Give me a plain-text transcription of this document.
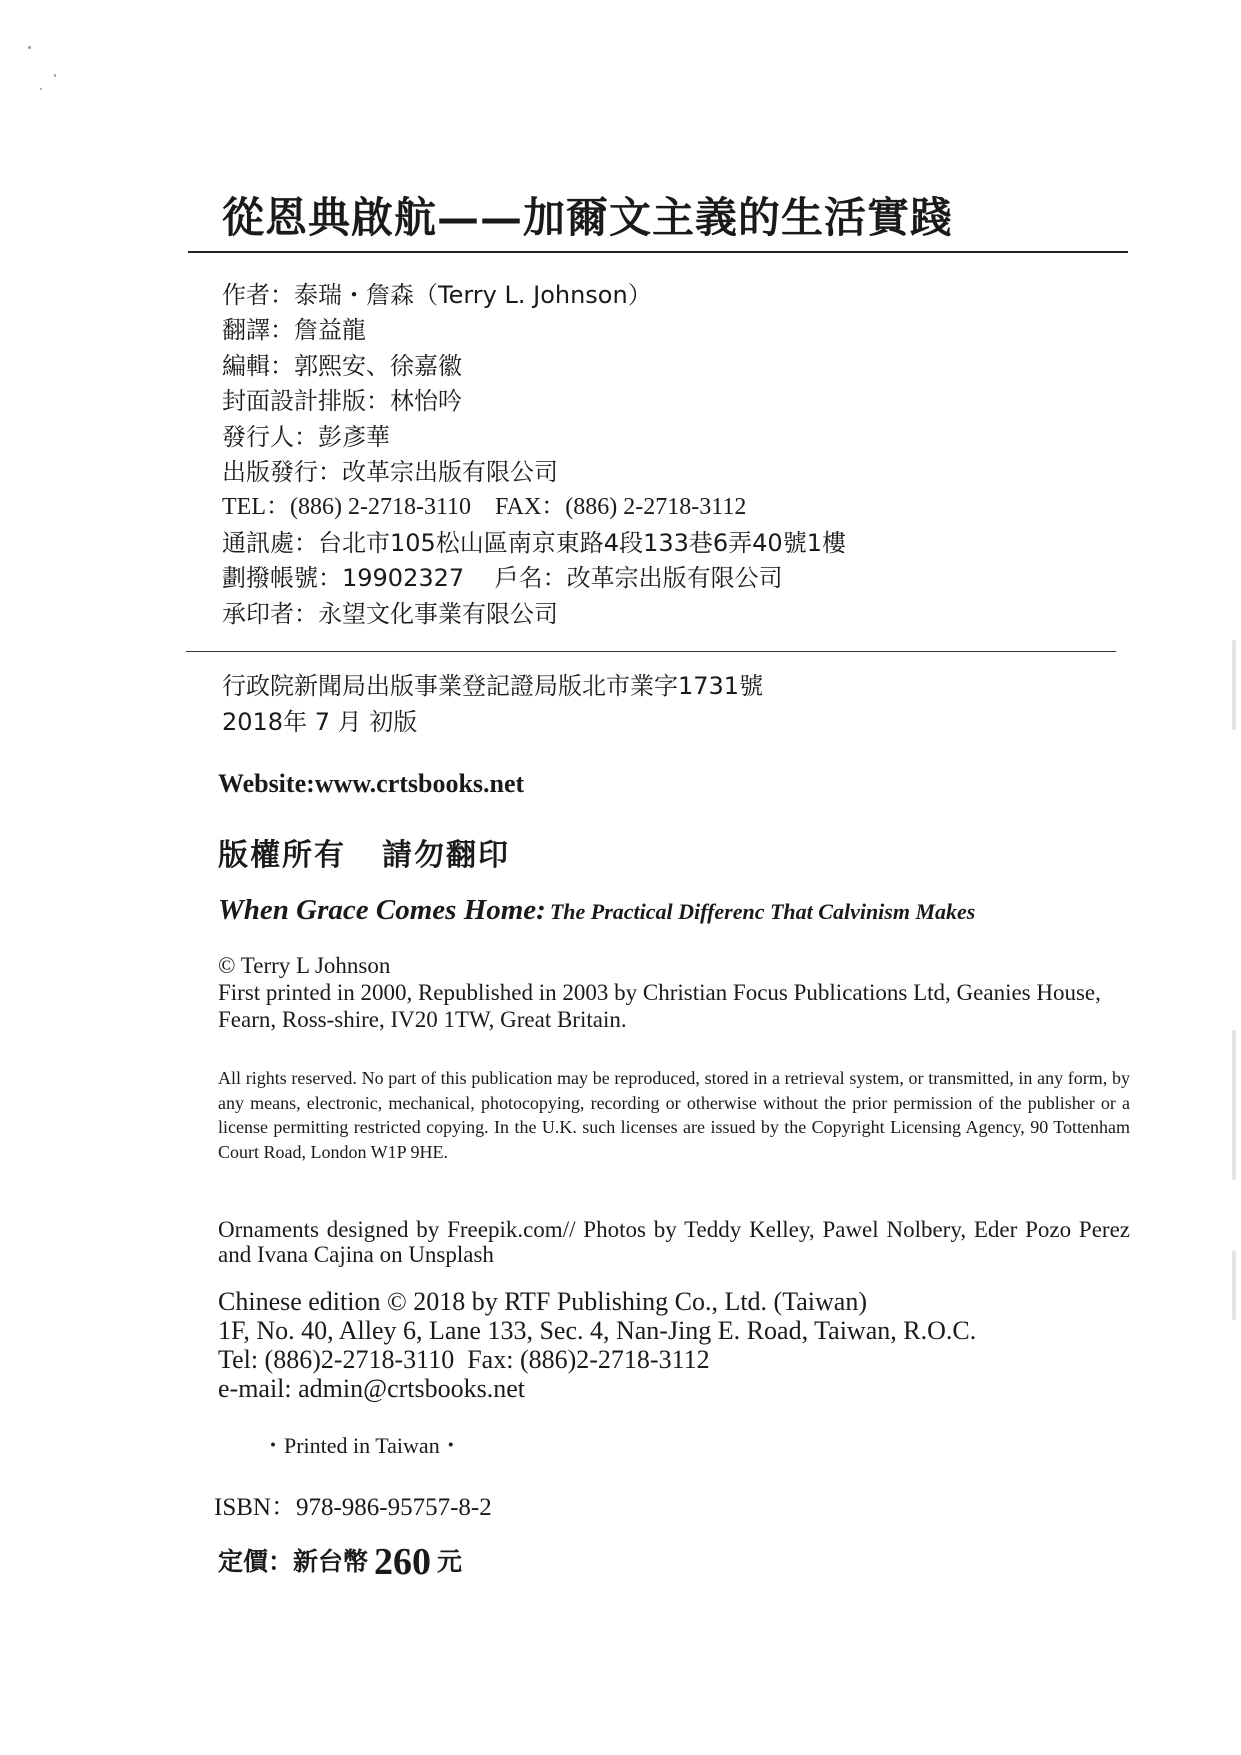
從恩典啟航——加爾文主義的生活實踐
作者：泰瑞・詹森（Terry L. Johnson）
翻譯：詹益龍
編輯：郭熙安、徐嘉徽
封面設計排版：林怡吟
發行人：彭彥華
出版發行：改革宗出版有限公司
TEL：(886) 2-2718-3110    FAX：(886) 2-2718-3112
通訊處：台北市105松山區南京東路4段133巷6弄40號1樓
劃撥帳號：19902327    戶名：改革宗出版有限公司
承印者：永望文化事業有限公司
行政院新聞局出版事業登記證局版北市業字1731號
2018年 7 月 初版
Website:www.crtsbooks.net
版權所有 請勿翻印
When Grace Comes Home: The Practical Differenc That Calvinism Makes
© Terry L Johnson
First printed in 2000, Republished in 2003 by Christian Focus Publications Ltd, Geanies House, Fearn, Ross-shire, IV20 1TW, Great Britain.
All rights reserved. No part of this publication may be reproduced, stored in a retrieval system, or transmitted, in any form, by any means, electronic, mechanical, photocopying, recording or otherwise without the prior permission of the publisher or a license permitting restricted copying. In the U.K. such licenses are issued by the Copyright Licensing Agency, 90 Tottenham Court Road, London W1P 9HE.
Ornaments designed by Freepik.com// Photos by Teddy Kelley, Pawel Nolbery, Eder Pozo Perez and Ivana Cajina on Unsplash
Chinese edition © 2018 by RTF Publishing Co., Ltd. (Taiwan)
1F, No. 40, Alley 6, Lane 133, Sec. 4, Nan-Jing E. Road, Taiwan, R.O.C.
Tel: (886)2-2718-3110  Fax: (886)2-2718-3112
e-mail: admin@crtsbooks.net
・Printed in Taiwan・
ISBN：978-986-95757-8-2
定價：新台幣 260 元
